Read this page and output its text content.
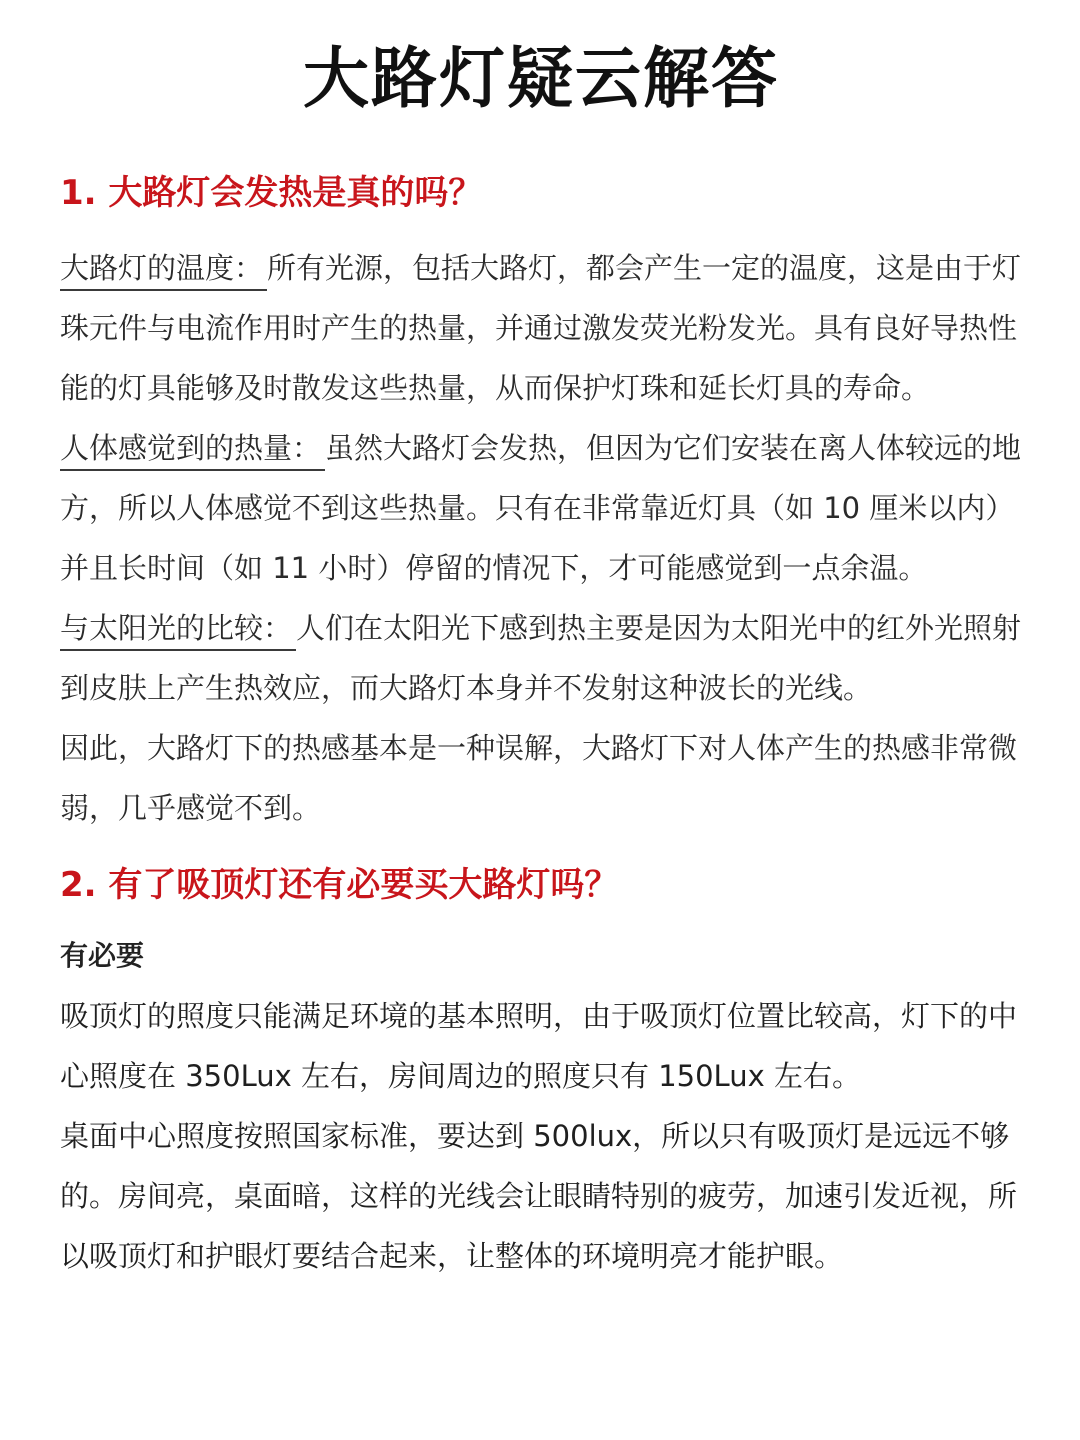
大路灯疑云解答
1. 大路灯会发热是真的吗？

大路灯的温度： 所有光源，包括大路灯，都会产生一定的温度，这是由于灯珠元件与电流作用时产生的热量，并通过激发荧光粉发光。具有良好导热性能的灯具能够及时散发这些热量，从而保护灯珠和延长灯具的寿命。

人体感觉到的热量： 虽然大路灯会发热，但因为它们安装在离人体较远的地方，所以人体感觉不到这些热量。只有在非常靠近灯具（如 10 厘米以内）并且长时间（如 11 小时）停留的情况下，才可能感觉到一点余温。

与太阳光的比较： 人们在太阳光下感到热主要是因为太阳光中的红外光照射到皮肤上产生热效应，而大路灯本身并不发射这种波长的光线。

因此，大路灯下的热感基本是一种误解，大路灯下对人体产生的热感非常微弱，几乎感觉不到。

2. 有了吸顶灯还有必要买大路灯吗？

有必要

吸顶灯的照度只能满足环境的基本照明，由于吸顶灯位置比较高，灯下的中心照度在 350Lux 左右，房间周边的照度只有 150Lux 左右。

桌面中心照度按照国家标准，要达到 500lux，所以只有吸顶灯是远远不够的。房间亮，桌面暗，这样的光线会让眼睛特别的疲劳，加速引发近视，所以吸顶灯和护眼灯要结合起来，让整体的环境明亮才能护眼。
